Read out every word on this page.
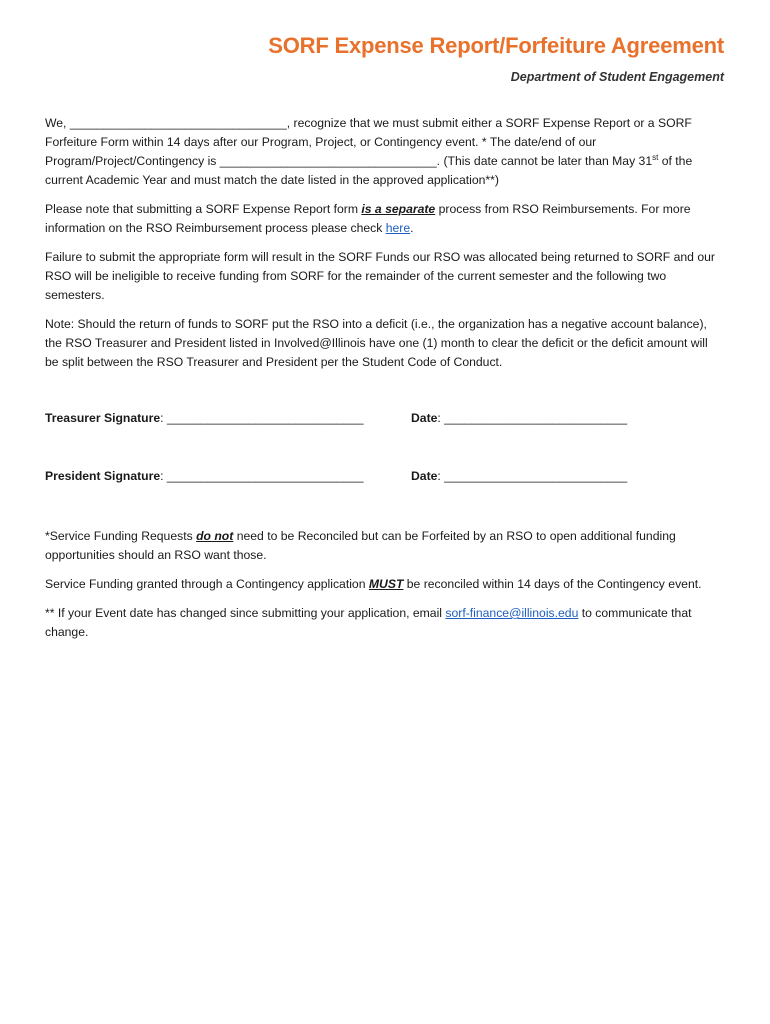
SORF Expense Report/Forfeiture Agreement
Department of Student Engagement

We, ________________________________, recognize that we must submit either a SORF Expense Report or a SORF Forfeiture Form within 14 days after our Program, Project, or Contingency event. * The date/end of our Program/Project/Contingency is ________________________________. (This date cannot be later than May 31st of the current Academic Year and must match the date listed in the approved application**)

Please note that submitting a SORF Expense Report form is a separate process from RSO Reimbursements. For more information on the RSO Reimbursement process please check here.

Failure to submit the appropriate form will result in the SORF Funds our RSO was allocated being returned to SORF and our RSO will be ineligible to receive funding from SORF for the remainder of the current semester and the following two semesters.

Note: Should the return of funds to SORF put the RSO into a deficit (i.e., the organization has a negative account balance), the RSO Treasurer and President listed in Involved@Illinois have one (1) month to clear the deficit or the deficit amount will be split between the RSO Treasurer and President per the Student Code of Conduct.

Treasurer Signature: _____________________________	Date: ___________________________
President Signature: _____________________________	Date: ___________________________

*Service Funding Requests do not need to be Reconciled but can be Forfeited by an RSO to open additional funding opportunities should an RSO want those.

Service Funding granted through a Contingency application MUST be reconciled within 14 days of the Contingency event.

** If your Event date has changed since submitting your application, email sorf-finance@illinois.edu to communicate that change.
